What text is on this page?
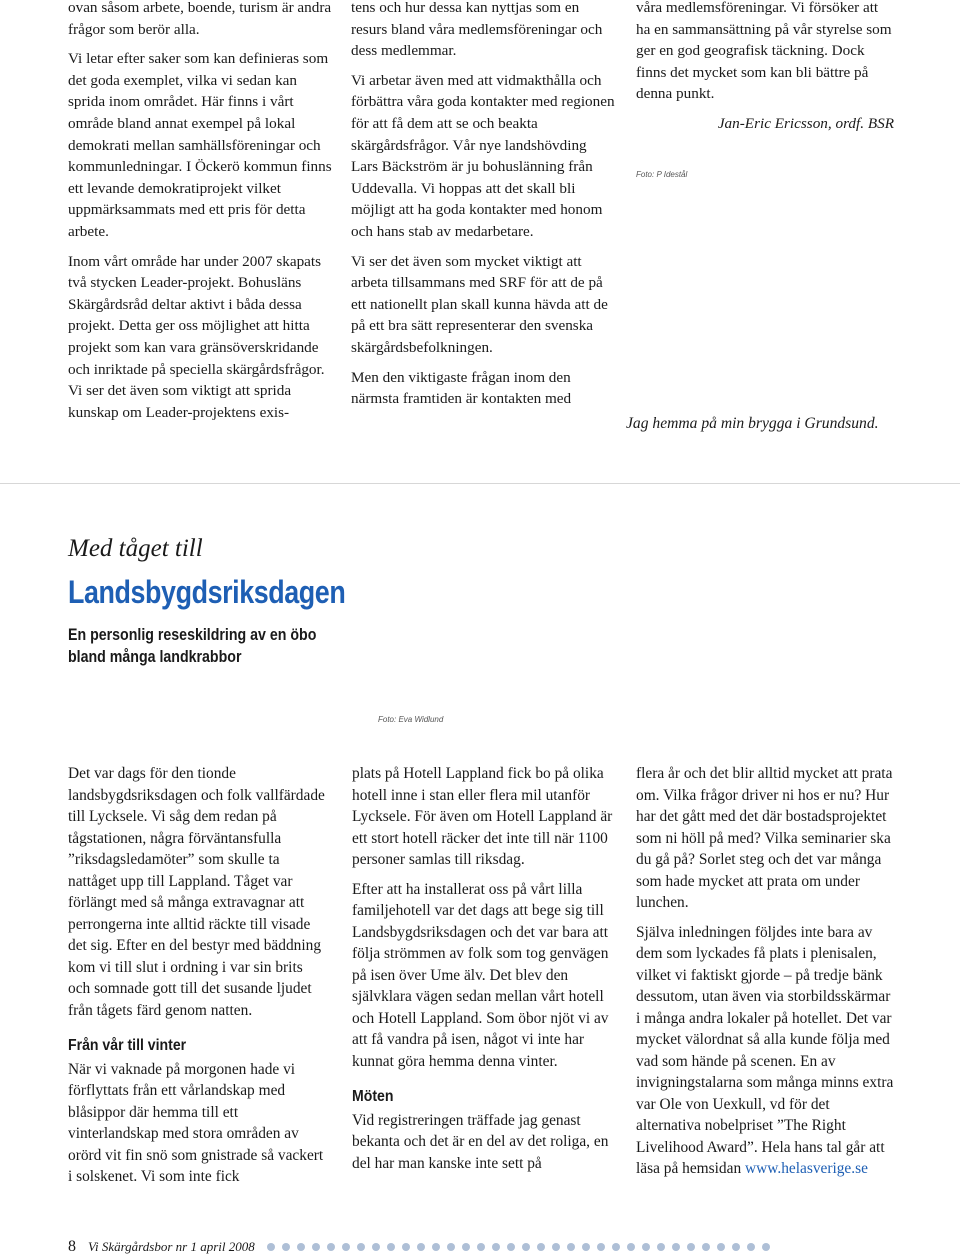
ovan såsom arbete, boende, turism är andra frågor som berör alla.

Vi letar efter saker som kan definieras som det goda exemplet, vilka vi sedan kan sprida inom området. Här finns i vårt område bland annat exempel på lokal demokrati mellan samhällsföreningar och kommunledningar. I Öckerö kommun finns ett levande demokratiprojekt vilket uppmärksammats med ett pris för detta arbete.

Inom vårt område har under 2007 skapats två stycken Leader-projekt. Bohusläns Skärgårdsråd deltar aktivt i båda dessa projekt. Detta ger oss möjlighet att hitta projekt som kan vara gränsöverskridande och inriktade på speciella skärgårdsfrågor. Vi ser det även som viktigt att sprida kunskap om Leader-projektens exis-

tens och hur dessa kan nyttjas som en resurs bland våra medlemsföreningar och dess medlemmar.

Vi arbetar även med att vidmakthålla och förbättra våra goda kontakter med regionen för att få dem att se och beakta skärgårdsfrågor. Vår nye landshövding Lars Bäckström är ju bohuslänning från Uddevalla. Vi hoppas att det skall bli möjligt att ha goda kontakter med honom och hans stab av medarbetare.

Vi ser det även som mycket viktigt att arbeta tillsammans med SRF för att de på ett nationellt plan skall kunna hävda att de på ett bra sätt representerar den svenska skärgårdsbefolkningen.

Men den viktigaste frågan inom den närmsta framtiden är kontakten med

våra medlemsföreningar. Vi försöker att ha en sammansättning på vår styrelse som ger en god geografisk täckning. Dock finns det mycket som kan bli bättre på denna punkt.

Jan-Eric Ericsson, ordf. BSR

Foto: P Idestål
Jag hemma på min brygga i Grundsund.
Med tåget till
Landsbygdsriksdagen
En personlig reseskildring av en öbo bland många landkrabbor
Foto: Eva Widlund

Det var dags för den tionde landsbygdsriksdagen och folk vallfärdade till Lycksele. Vi såg dem redan på tågstationen, några förväntansfulla ”riksdagsledamöter” som skulle ta nattåget upp till Lappland. Tåget var förlängt med så många extravagnar att perrongerna inte alltid räckte till visade det sig. Efter en del bestyr med bäddning kom vi till slut i ordning i var sin brits och somnade gott till det susande ljudet från tågets färd genom natten.

Från vår till vinter

När vi vaknade på morgonen hade vi förflyttats från ett vårlandskap med blåsippor där hemma till ett vinterlandskap med stora områden av orörd vit fin snö som gnistrade så vackert i solskenet. Vi som inte fick

plats på Hotell Lappland fick bo på olika hotell inne i stan eller flera mil utanför Lycksele. För även om Hotell Lappland är ett stort hotell räcker det inte till när 1100 personer samlas till riksdag.

Efter att ha installerat oss på vårt lilla familjehotell var det dags att bege sig till Landsbygdsriksdagen och det var bara att följa strömmen av folk som tog genvägen på isen över Ume älv. Det blev den självklara vägen sedan mellan vårt hotell och Hotell Lappland. Som öbor njöt vi av att få vandra på isen, något vi inte har kunnat göra hemma denna vinter.

Möten

Vid registreringen träffade jag genast bekanta och det är en del av det roliga, en del har man kanske inte sett på

flera år och det blir alltid mycket att prata om. Vilka frågor driver ni hos er nu? Hur har det gått med det där bostadsprojektet som ni höll på med? Vilka seminarier ska du gå på? Sorlet steg och det var många som hade mycket att prata om under lunchen.

Själva inledningen följdes inte bara av dem som lyckades få plats i plenisalen, vilket vi faktiskt gjorde – på tredje bänk dessutom, utan även via storbildsskärmar i många andra lokaler på hotellet. Det var mycket välordnat så alla kunde följa med vad som hände på scenen. En av invigningstalarna som många minns extra var Ole von Uexkull, vd för det alternativa nobelpriset ”The Right Livelihood Award”. Hela hans tal går att läsa på hemsidan www.helasverige.se

8 Vi Skärgårdsbor nr 1 april 2008
